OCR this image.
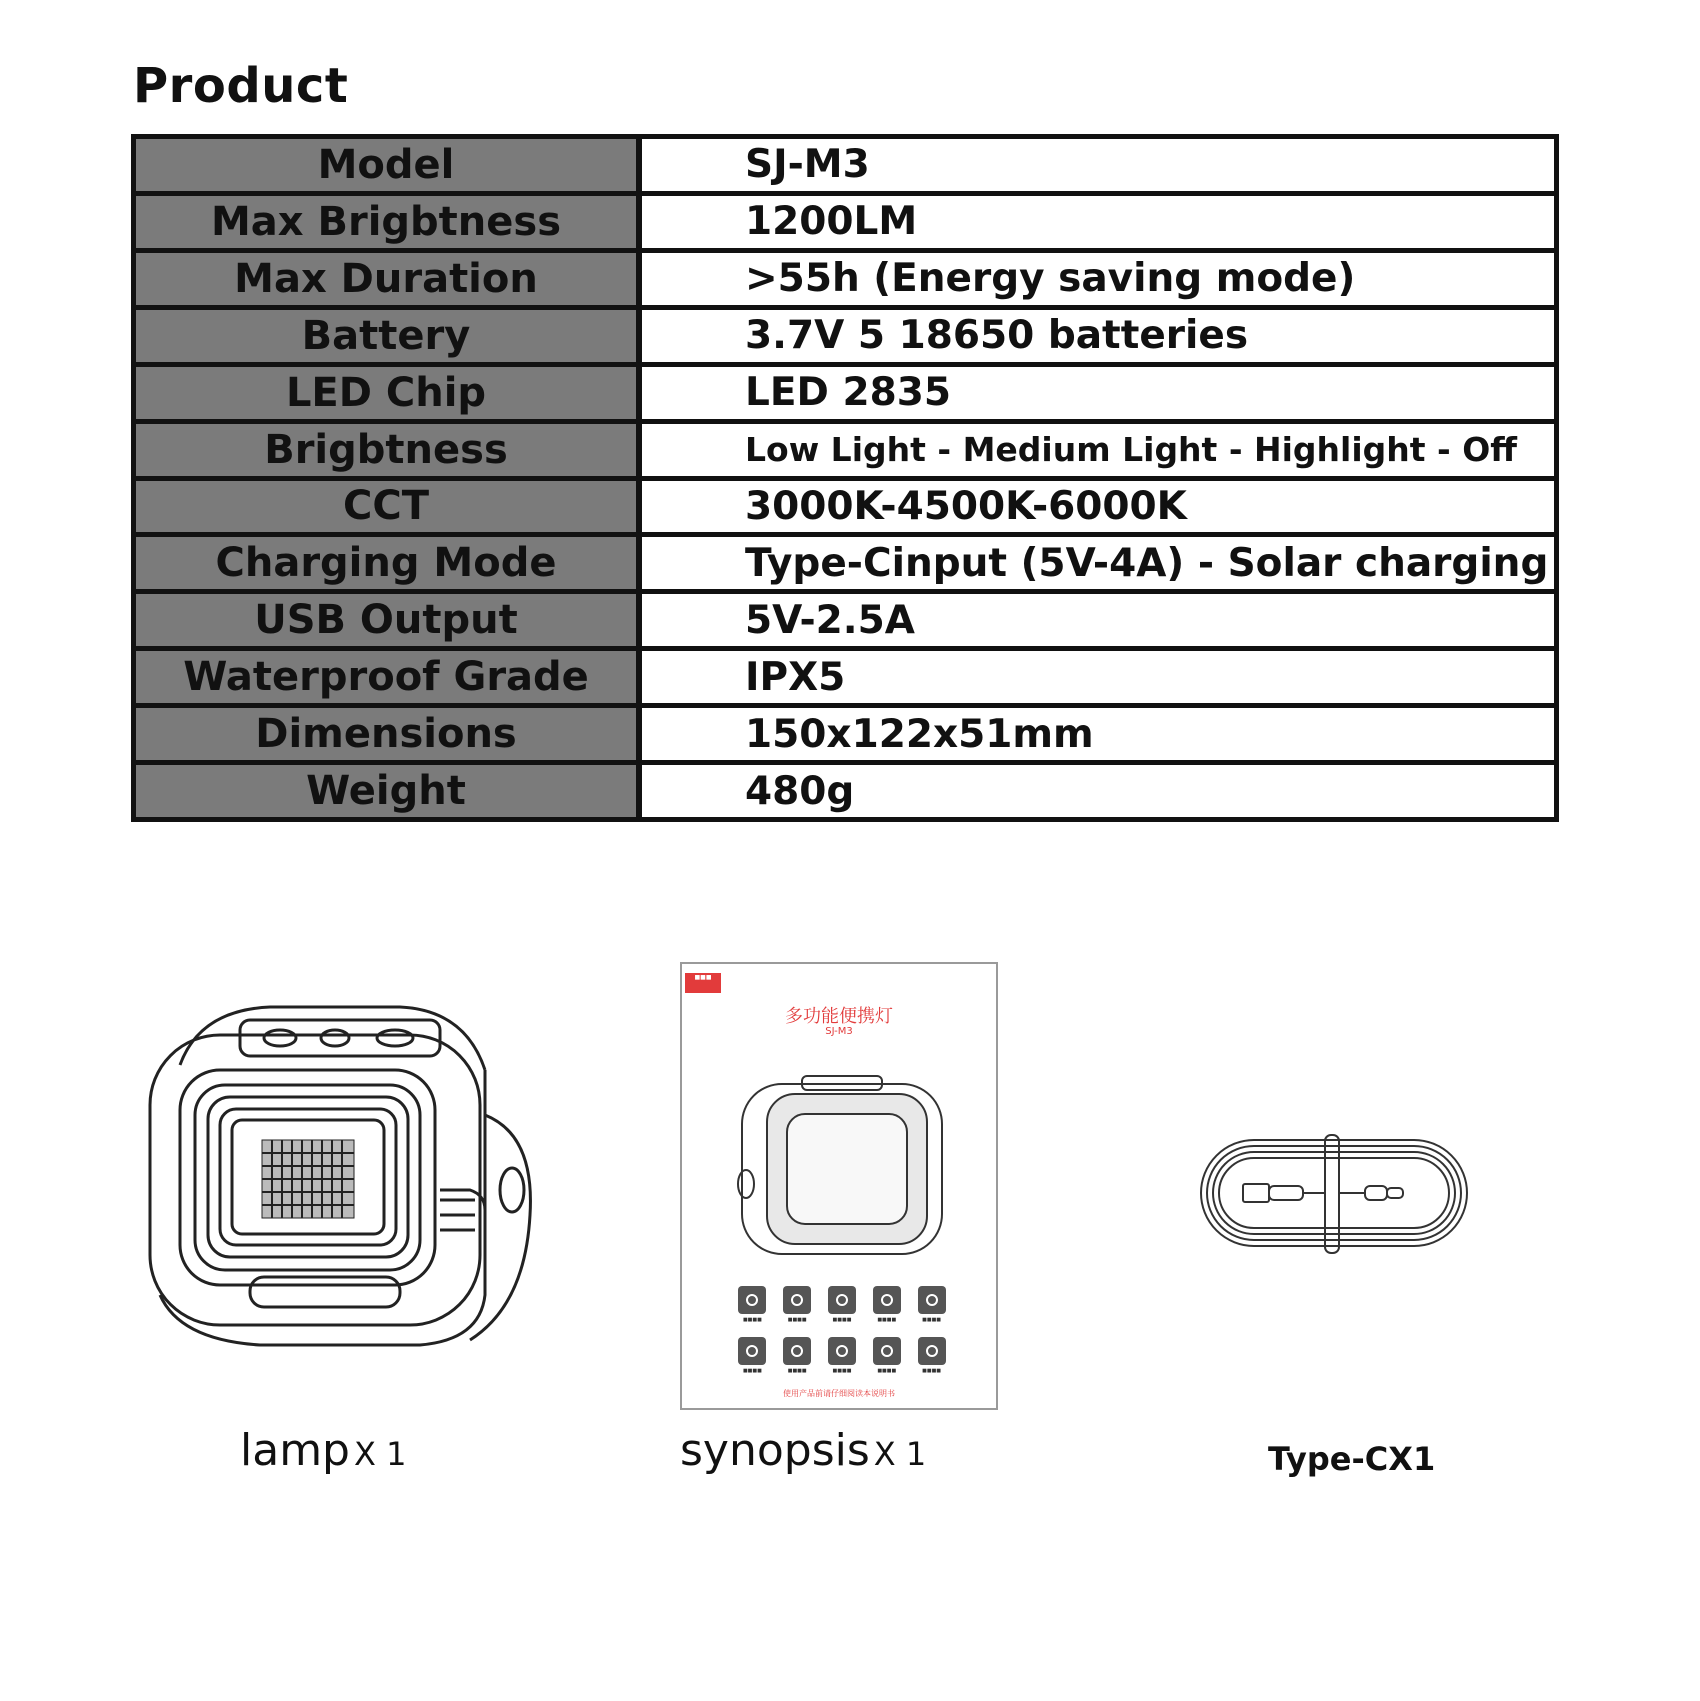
Product
Model	SJ-M3
Max Brigbtness	1200LM
Max Duration	>55h (Energy saving mode)
Battery	3.7V 5 18650 batteries
LED Chip	LED 2835
Brigbtness	Low Light - Medium Light - Highlight - Off
CCT	3000K-4500K-6000K
Charging Mode	Type-Cinput (5V-4A) - Solar charging
USB Output	5V-2.5A
Waterproof Grade	IPX5
Dimensions	150x122x51mm
Weight	480g
lamp X 1
■■■
多功能便携灯
SJ-M3
■■■■	■■■■	■■■■	■■■■	■■■■
■■■■	■■■■	■■■■	■■■■	■■■■
使用产品前请仔细阅读本说明书
synopsis X 1	Type-CX1
